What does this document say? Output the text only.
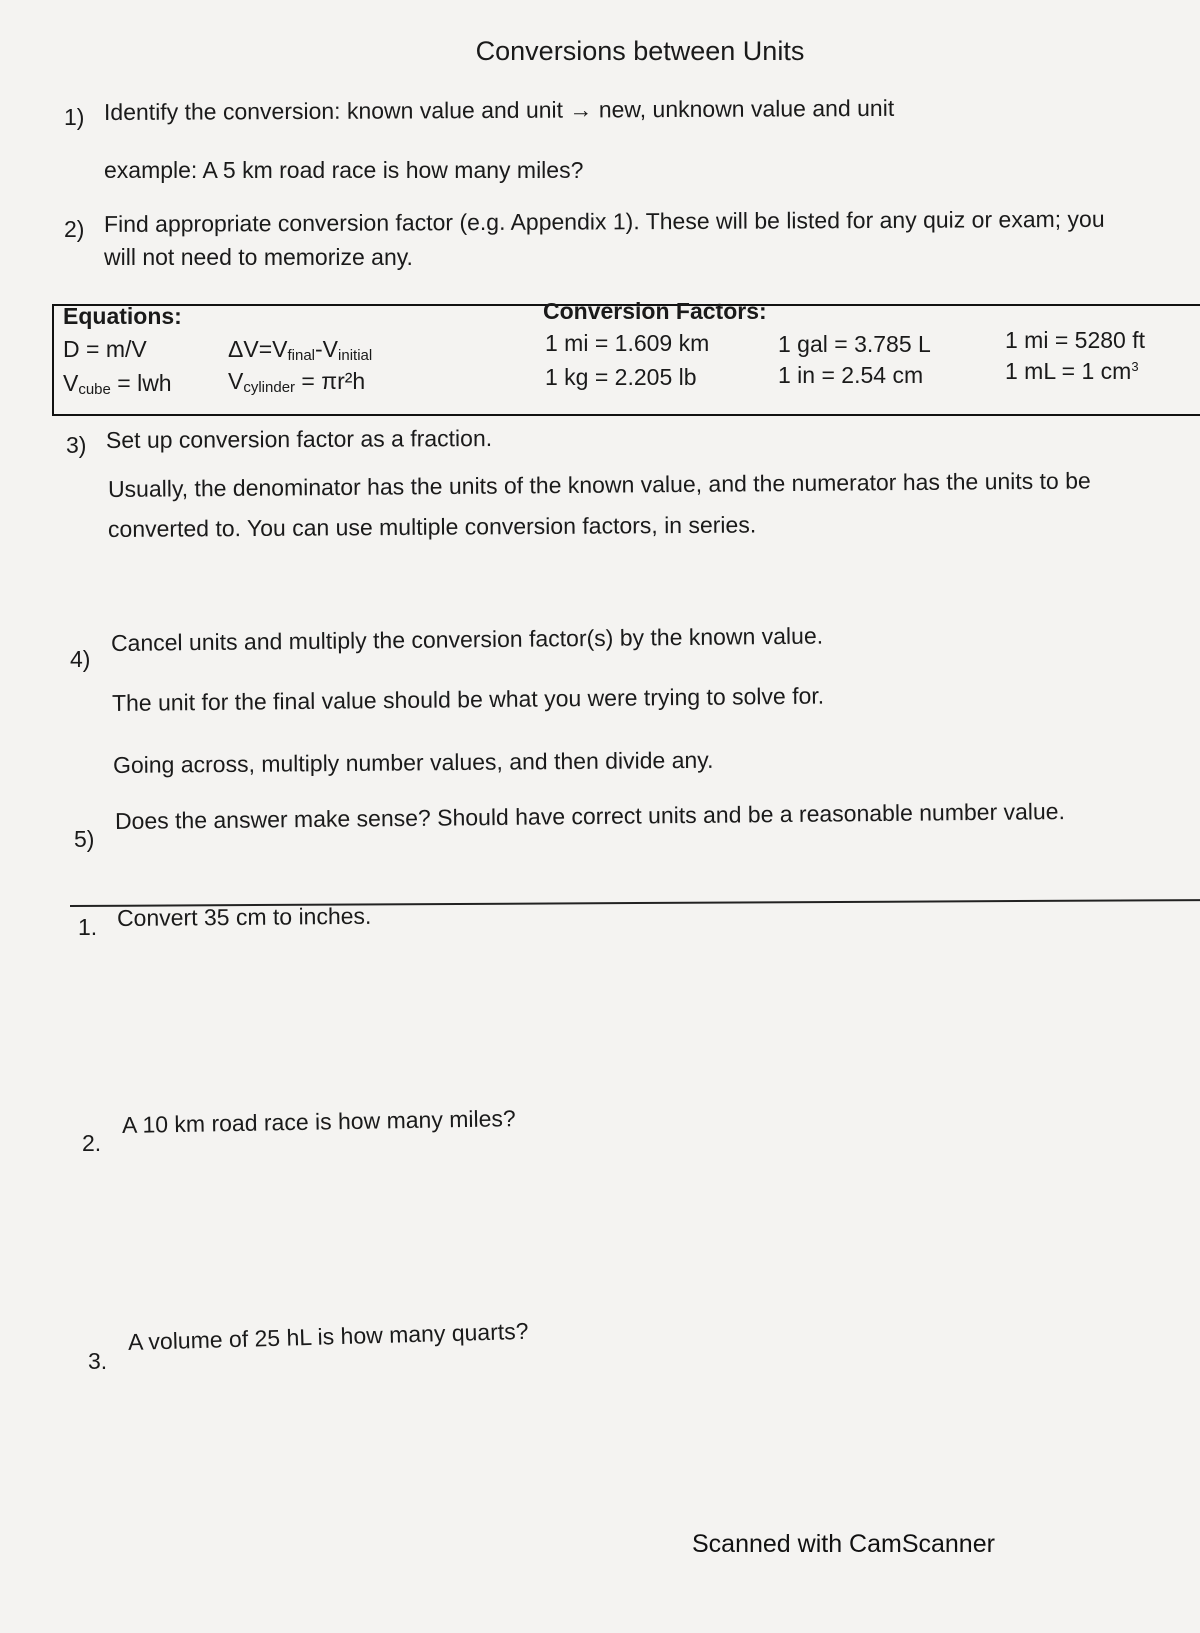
Conversions between Units
1) Identify the conversion: known value and unit → new, unknown value and unit
example: A 5 km road race is how many miles?
2) Find appropriate conversion factor (e.g. Appendix 1). These will be listed for any quiz or exam; you
will not need to memorize any.
Equations:	Conversion Factors:
D = m/V
$V_{cube}$ = lwh
$\Delta V=V_{final}-V_{initial}$
$V_{cylinder} = \pi r^2h$
1 mi = 1.609 km
1 kg = 2.205 lb
1 gal = 3.785 L
1 in = 2.54 cm
1 mi = 5280 ft
1 mL = 1 $cm^3$
3) Set up conversion factor as a fraction.
Usually, the denominator has the units of the known value, and the numerator has the units to be
converted to. You can use multiple conversion factors, in series.
4)
Cancel units and multiply the conversion factor(s) by the known value.
The unit for the final value should be what you were trying to solve for.
Going across, multiply number values, and then divide any.
5)
Does the answer make sense? Should have correct units and be a reasonable number value.
1. Convert 35 cm to inches.
2.
A 10 km road race is how many miles?
3.
A volume of 25 hL is how many quarts?
Scanned with CamScanner
